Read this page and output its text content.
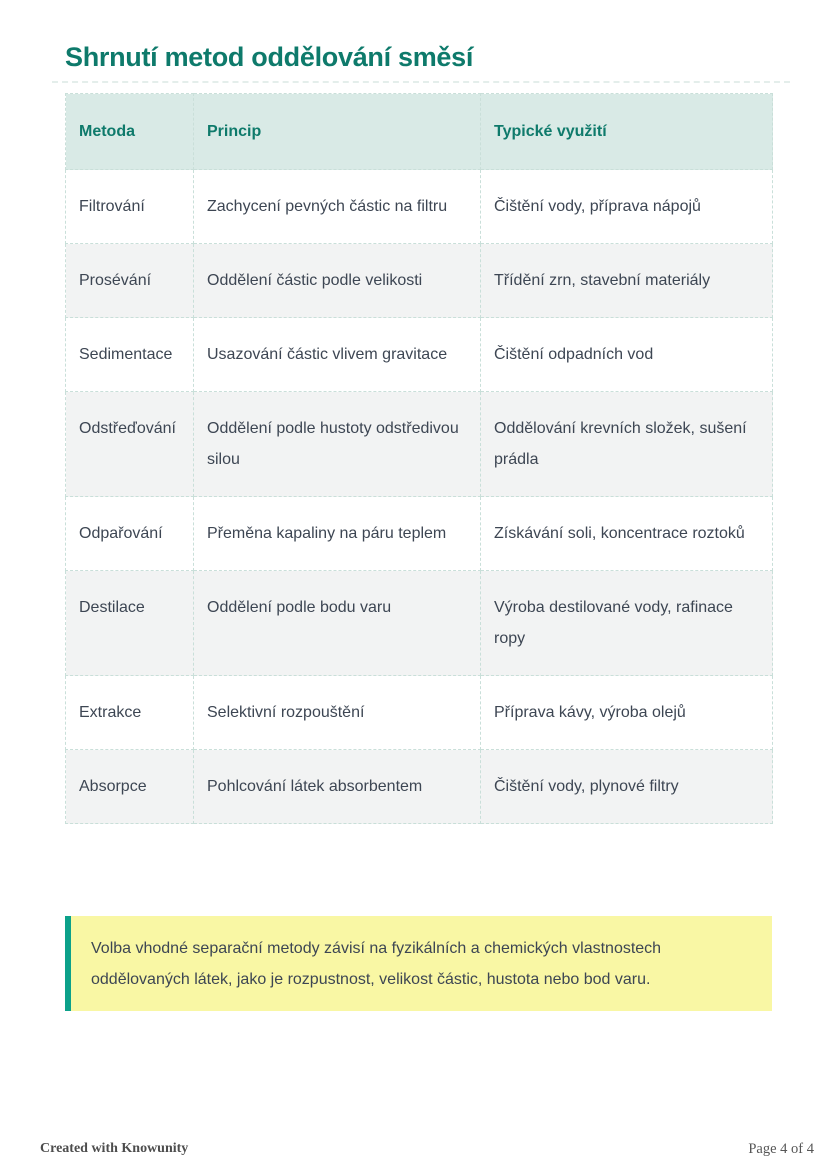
Shrnutí metod oddělování směsí
Metoda	Princip	Typické využití
Filtrování	Zachycení pevných částic na filtru	Čištění vody, příprava nápojů
Prosévání	Oddělení částic podle velikosti	Třídění zrn, stavební materiály
Sedimentace	Usazování částic vlivem gravitace	Čištění odpadních vod
Odstřeďování	Oddělení podle hustoty odstředivou silou	Oddělování krevních složek, sušení prádla
Odpařování	Přeměna kapaliny na páru teplem	Získávání soli, koncentrace roztoků
Destilace	Oddělení podle bodu varu	Výroba destilované vody, rafinace ropy
Extrakce	Selektivní rozpouštění	Příprava kávy, výroba olejů
Absorpce	Pohlcování látek absorbentem	Čištění vody, plynové filtry
Volba vhodné separační metody závisí na fyzikálních a chemických vlastnostech oddělovaných látek, jako je rozpustnost, velikost částic, hustota nebo bod varu.
Created with Knowunity	Page 4 of 4
